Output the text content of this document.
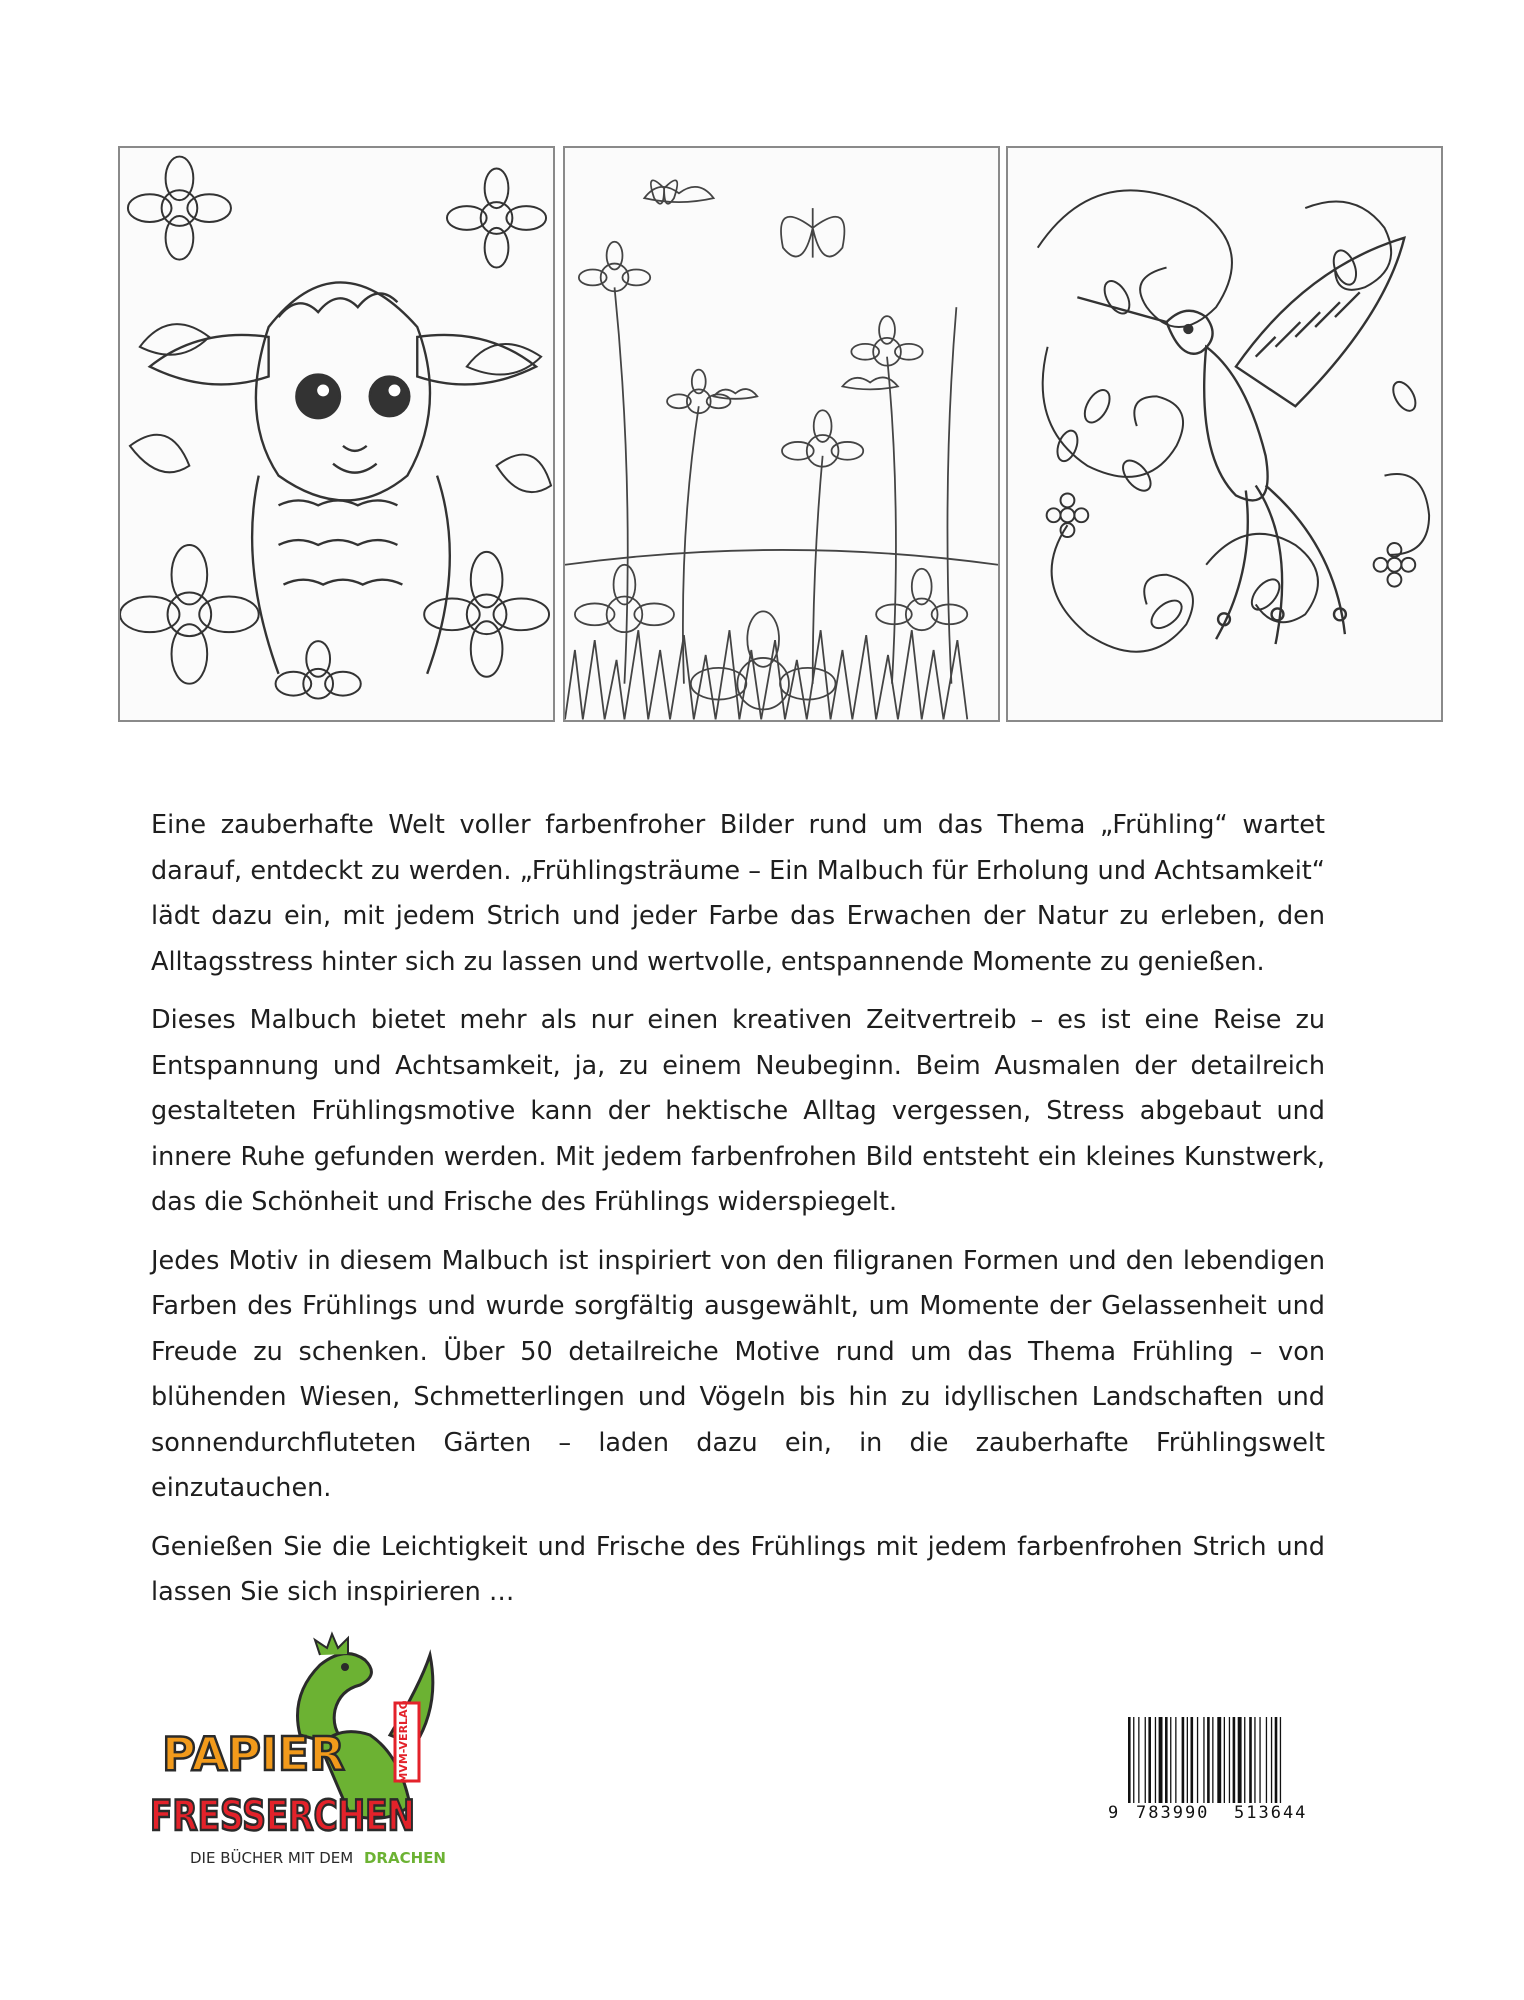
Eine zauberhafte Welt voller farbenfroher Bilder rund um das Thema „Frühling“ wartet darauf, entdeckt zu werden. „Frühlingsträume – Ein Malbuch für Erholung und Achtsamkeit“ lädt dazu ein, mit jedem Strich und jeder Farbe das Erwachen der Natur zu erleben, den Alltagsstress hinter sich zu lassen und wertvolle, entspannende Momente zu genießen.

Dieses Malbuch bietet mehr als nur einen kreativen Zeitvertreib – es ist eine Reise zu Entspannung und Achtsamkeit, ja, zu einem Neubeginn. Beim Ausmalen der detailreich gestalteten Frühlingsmotive kann der hektische Alltag vergessen, Stress abgebaut und innere Ruhe gefunden werden. Mit jedem farbenfrohen Bild entsteht ein kleines Kunstwerk, das die Schönheit und Frische des Frühlings widerspiegelt.

Jedes Motiv in diesem Malbuch ist inspiriert von den filigranen Formen und den lebendigen Farben des Frühlings und wurde sorgfältig ausgewählt, um Momente der Gelassenheit und Freude zu schenken. Über 50 detailreiche Motive rund um das Thema Frühling – von blühenden Wiesen, Schmetterlingen und Vögeln bis hin zu idyllischen Landschaften und sonnendurchfluteten Gärten – laden dazu ein, in die zauberhafte Frühlingswelt einzutauchen.

Genießen Sie die Leichtigkeit und Frische des Frühlings mit jedem farbenfrohen Strich und lassen Sie sich inspirieren …

MVM-VERLAG
PAPIER
FRESSERCHEN
DIE BÜCHER MIT DEM DRACHEN
9 783990 513644
